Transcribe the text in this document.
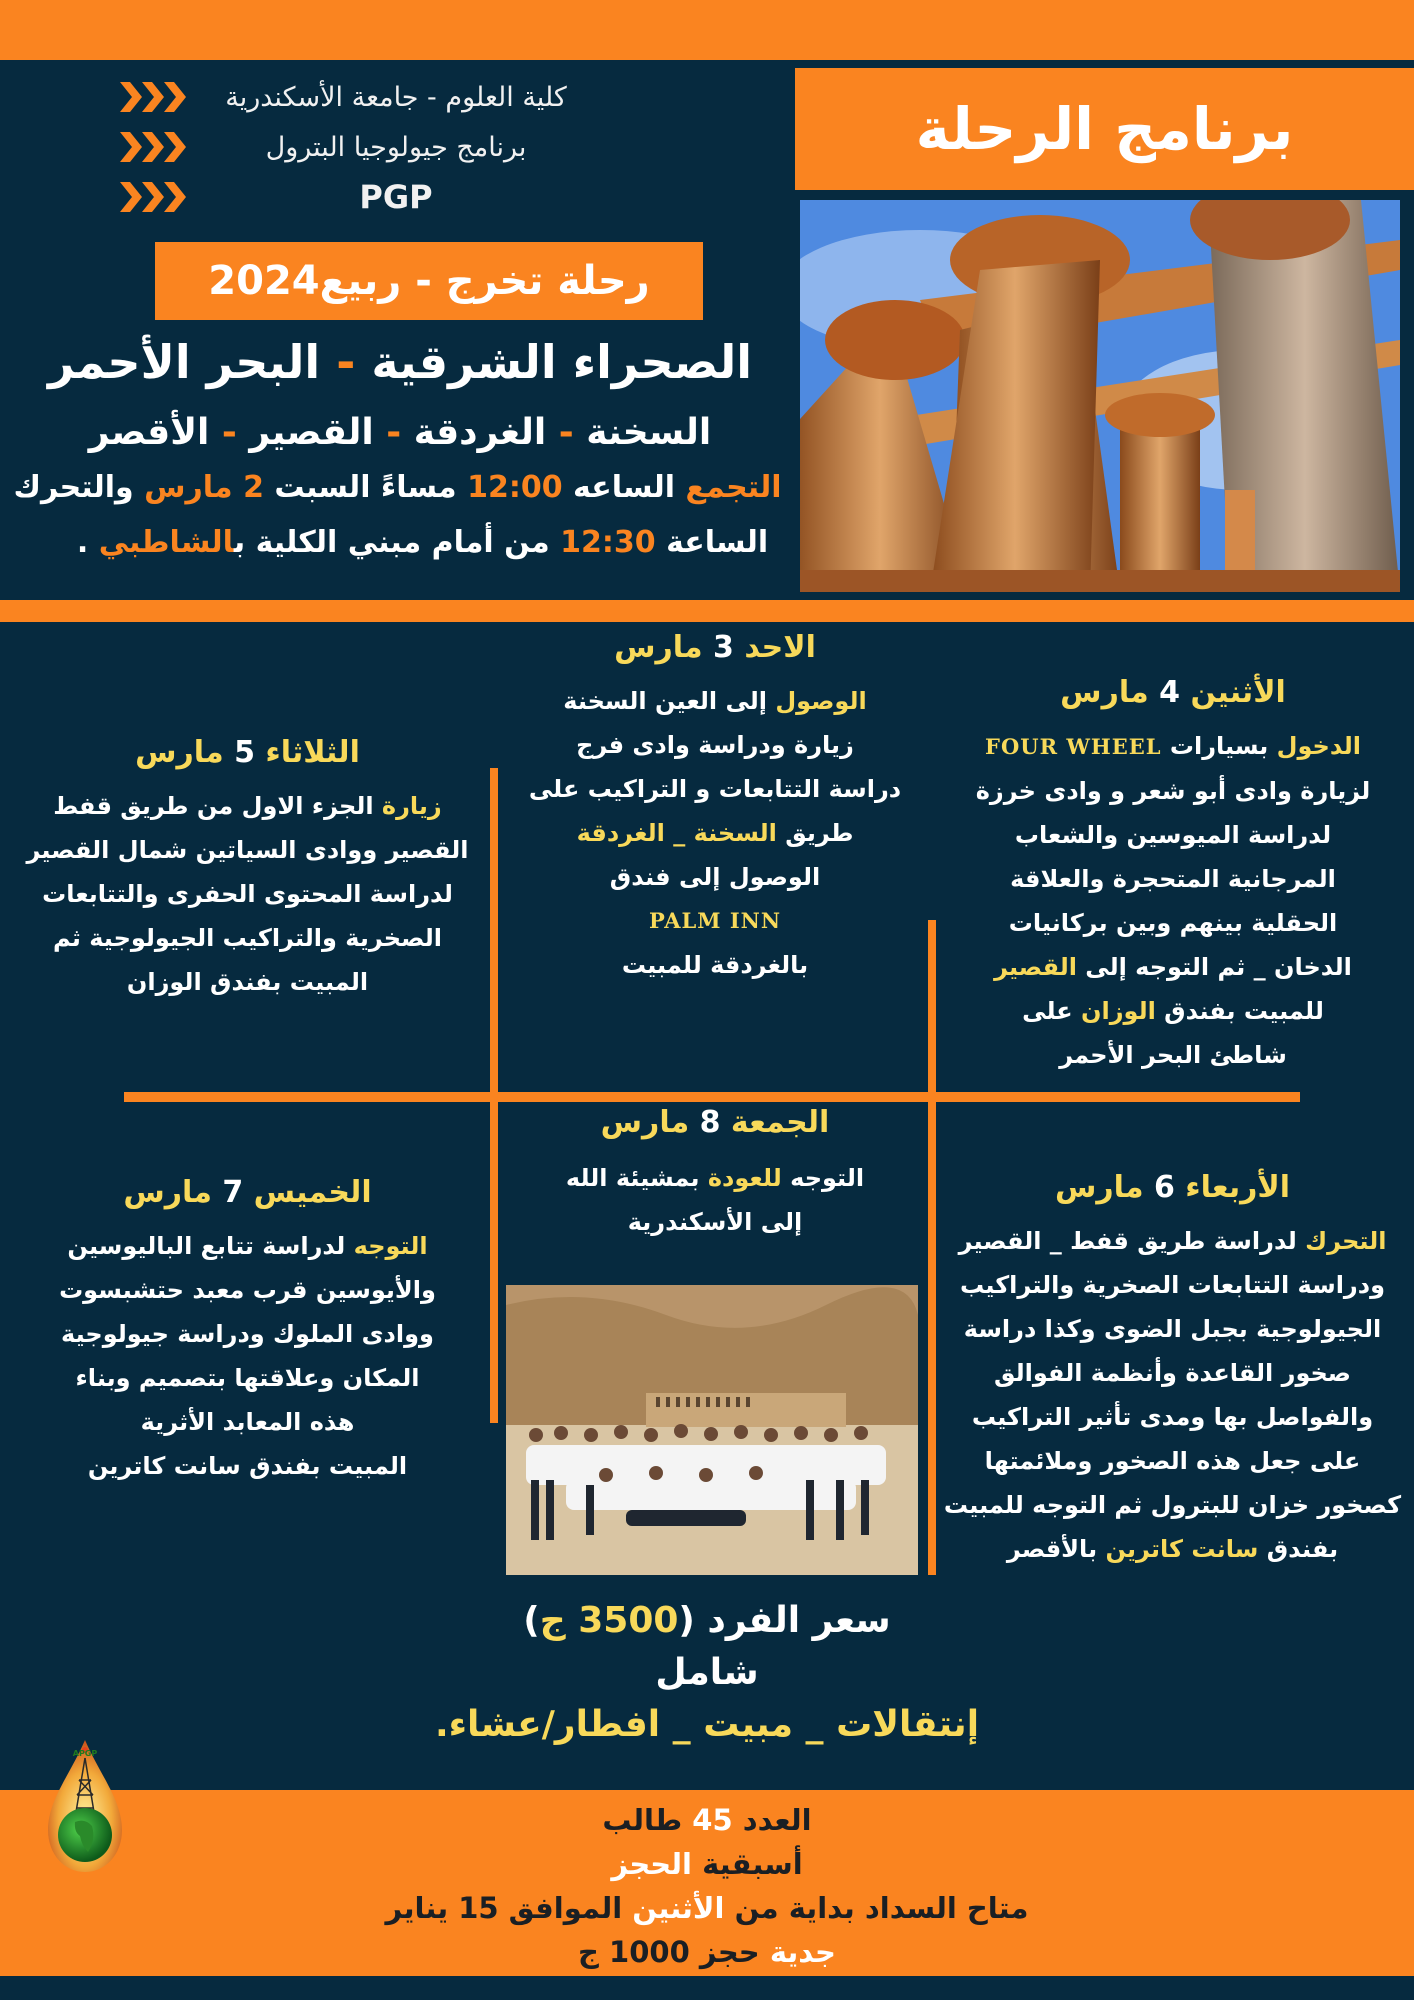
كلية العلوم - جامعة الأسكندرية
برنامج جيولوجيا البترول
PGP
رحلة تخرج - ربيع2024
برنامج الرحلة
الصحراء الشرقية - البحر الأحمر
السخنة - الغردقة - القصير - الأقصر
التجمع الساعه 12:00 مساءً السبت 2 مارس والتحرك
الساعة 12:30 من أمام مبني الكلية بالشاطبي .
الاحد 3 مارس
الوصول إلى العين السخنة
زيارة ودراسة وادى فرج
دراسة التتابعات و التراكيب على
طريق السخنة _ الغردقة
الوصول إلى فندق
PALM INN
بالغردقة للمبيت
الأثنين 4 مارس
الدخول بسيارات FOUR WHEEL
لزيارة وادى أبو شعر و وادى خرزة
لدراسة الميوسين والشعاب
المرجانية المتحجرة والعلاقة
الحقلية بينهم وبين بركانيات
الدخان _ ثم التوجه إلى القصير
للمبيت بفندق الوزان على
شاطئ البحر الأحمر
الثلاثاء 5 مارس
زيارة الجزء الاول من طريق قفط
القصير ووادى السياتين شمال القصير
لدراسة المحتوى الحفرى والتتابعات
الصخرية والتراكيب الجيولوجية ثم
المبيت بفندق الوزان
الجمعة 8 مارس
التوجه للعودة بمشيئة الله
إلى الأسكندرية
الأربعاء 6 مارس
التحرك لدراسة طريق قفط _ القصير
ودراسة التتابعات الصخرية والتراكيب
الجيولوجية بجبل الضوى وكذا دراسة
صخور القاعدة وأنظمة الفوالق
والفواصل بها ومدى تأثير التراكيب
على جعل هذه الصخور وملائمتها
كصخور خزان للبترول ثم التوجه للمبيت
بفندق سانت كاترين بالأقصر
الخميس 7 مارس
التوجه لدراسة تتابع الباليوسين
والأيوسين قرب معبد حتشبسوت
ووادى الملوك ودراسة جيولوجية
المكان وعلاقتها بتصميم وبناء
هذه المعابد الأثرية
المبيت بفندق سانت كاترين
سعر الفرد (3500 ج)
شامل
إنتقالات _ مبيت _ افطار/عشاء.
العدد 45 طالب
أسبقية الحجز
متاح السداد بداية من الأثنين الموافق 15 يناير
جدية حجز 1000 ج
APGP
